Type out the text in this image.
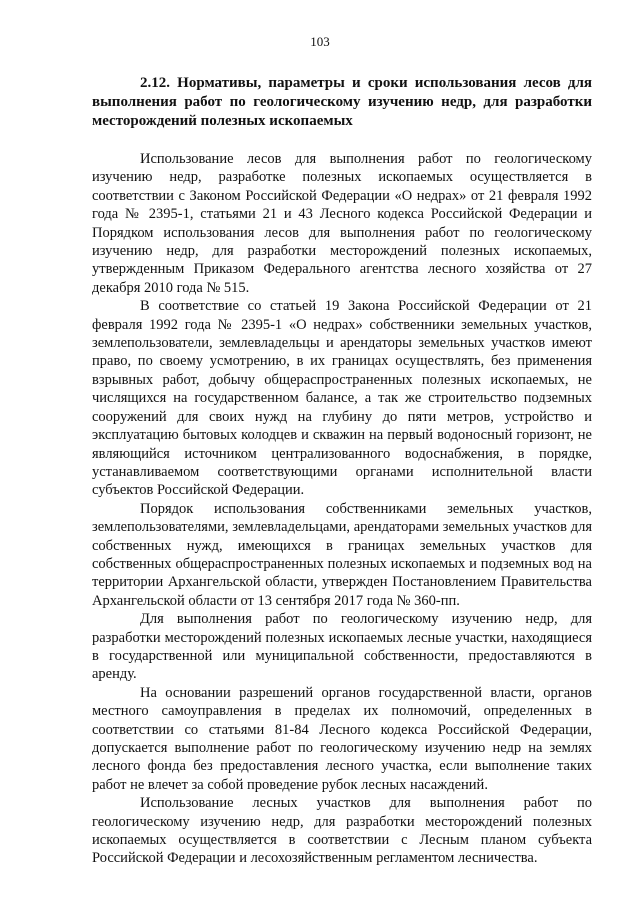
103
2.12. Нормативы, параметры и сроки использования лесов для выполнения работ по геологическому изучению недр, для разработки месторождений полезных ископаемых

Использование лесов для выполнения работ по геологическому изучению недр, разработке полезных ископаемых осуществляется в соответствии с Законом Российской Федерации «О недрах» от 21 февраля 1992 года № 2395-1, статьями 21 и 43 Лесного кодекса Российской Федерации и Порядком использования лесов для выполнения работ по геологическому изучению недр, для разработки месторождений полезных ископаемых, утвержденным Приказом Федерального агентства лесного хозяйства от 27 декабря 2010 года № 515.

В соответствие со статьей 19 Закона Российской Федерации от 21 февраля 1992 года № 2395-1 «О недрах» собственники земельных участков, землепользователи, землевладельцы и арендаторы земельных участков имеют право, по своему усмотрению, в их границах осуществлять, без применения взрывных работ, добычу общераспространенных полезных ископаемых, не числящихся на государственном балансе, а так же строительство подземных сооружений для своих нужд на глубину до пяти метров, устройство и эксплуатацию бытовых колодцев и скважин на первый водоносный горизонт, не являющийся источником централизованного водоснабжения, в порядке, устанавливаемом соответствующими органами исполнительной власти субъектов Российской Федерации.

Порядок использования собственниками земельных участков, землепользователями, землевладельцами, арендаторами земельных участков для собственных нужд, имеющихся в границах земельных участков для собственных общераспространенных полезных ископаемых и подземных вод на территории Архангельской области, утвержден Постановлением Правительства Архангельской области от 13 сентября 2017 года № 360-пп.

Для выполнения работ по геологическому изучению недр, для разработки месторождений полезных ископаемых лесные участки, находящиеся в государственной или муниципальной собственности, предоставляются в аренду.

На основании разрешений органов государственной власти, органов местного самоуправления в пределах их полномочий, определенных в соответствии со статьями 81-84 Лесного кодекса Российской Федерации, допускается выполнение работ по геологическому изучению недр на землях лесного фонда без предоставления лесного участка, если выполнение таких работ не влечет за собой проведение рубок лесных насаждений.

Использование лесных участков для выполнения работ по геологическому изучению недр, для разработки месторождений полезных ископаемых осуществляется в соответствии с Лесным планом субъекта Российской Федерации и лесохозяйственным регламентом лесничества.
